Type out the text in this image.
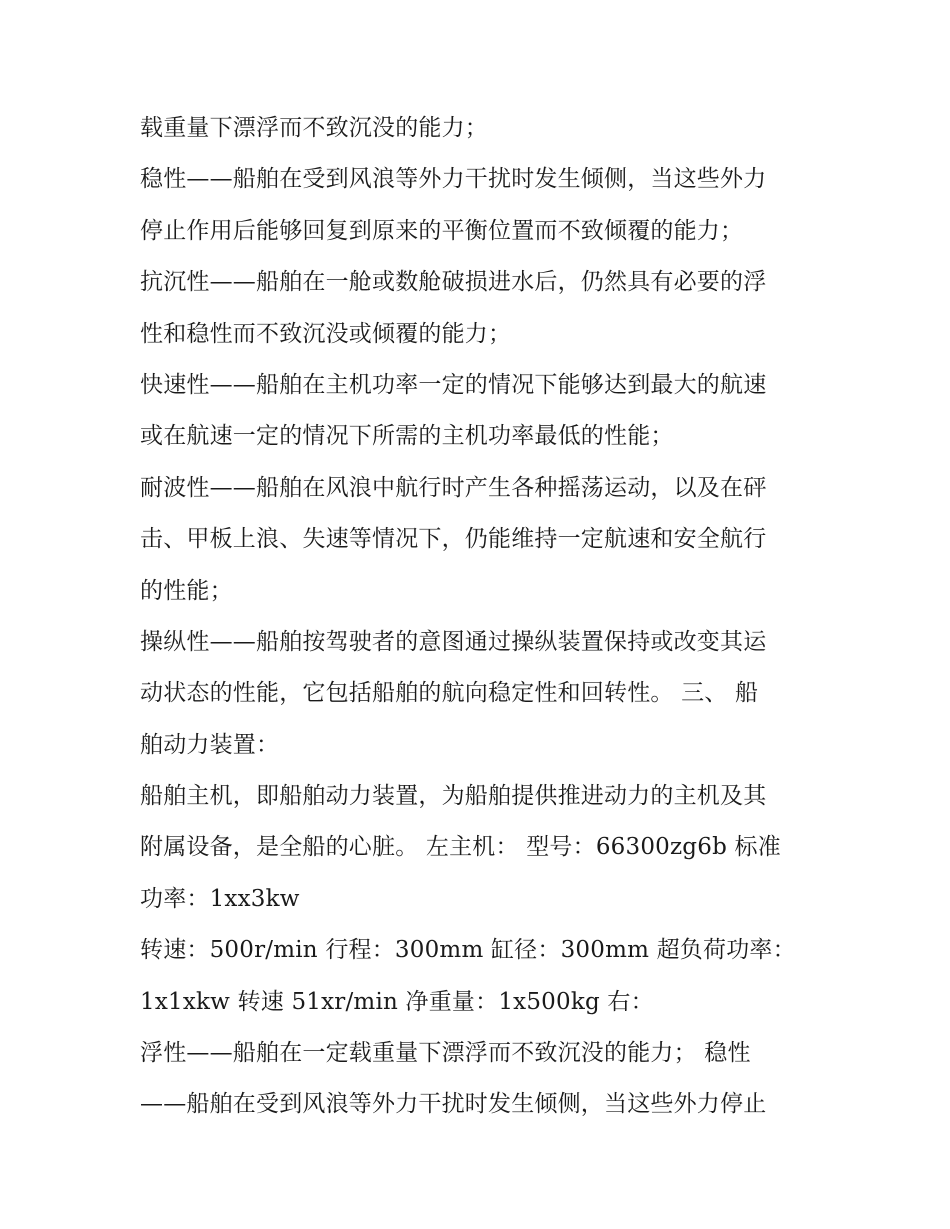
载重量下漂浮而不致沉没的能力；
稳性——船舶在受到风浪等外力干扰时发生倾侧，当这些外力
停止作用后能够回复到原来的平衡位置而不致倾覆的能力；
抗沉性——船舶在一舱或数舱破损进水后，仍然具有必要的浮
性和稳性而不致沉没或倾覆的能力；
快速性——船舶在主机功率一定的情况下能够达到最大的航速
或在航速一定的情况下所需的主机功率最低的性能；
耐波性——船舶在风浪中航行时产生各种摇荡运动，以及在砰
击、甲板上浪、失速等情况下，仍能维持一定航速和安全航行
的性能；
操纵性——船舶按驾驶者的意图通过操纵装置保持或改变其运
动状态的性能，它包括船舶的航向稳定性和回转性。 三、 船
舶动力装置：
船舶主机，即船舶动力装置，为船舶提供推进动力的主机及其
附属设备，是全船的心脏。 左主机： 型号：66300zg6b 标准
功率：1xx3kw
转速：500r/min 行程：300mm 缸径：300mm 超负荷功率：
1x1xkw 转速 51xr/min 净重量：1x500kg 右：
浮性——船舶在一定载重量下漂浮而不致沉没的能力； 稳性
——船舶在受到风浪等外力干扰时发生倾侧，当这些外力停止
